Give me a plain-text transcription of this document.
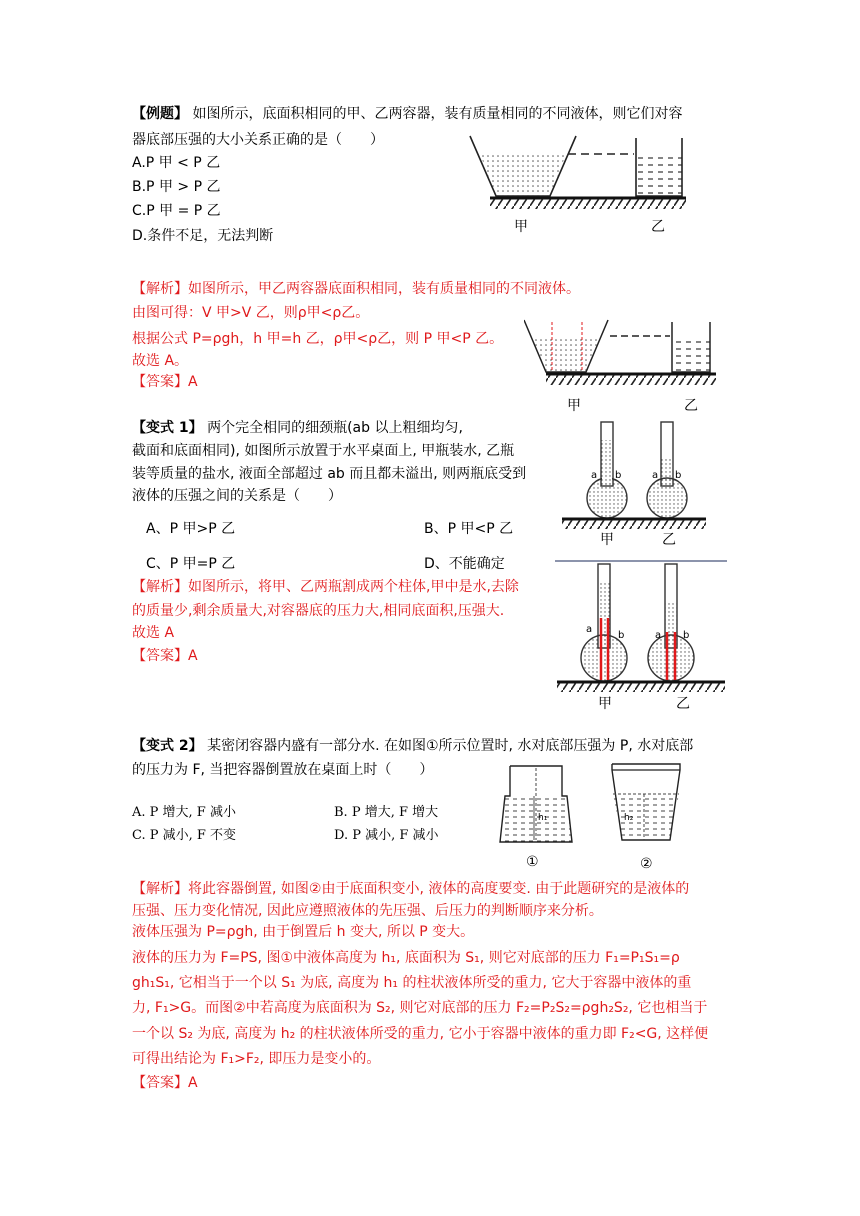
【例题】 如图所示，底面积相同的甲、乙两容器，装有质量相同的不同液体，则它们对容
器底部压强的大小关系正确的是（　　）
A.P 甲 < P 乙
B.P 甲 > P 乙
C.P 甲 = P 乙
D.条件不足，无法判断
甲	乙
【解析】如图所示，甲乙两容器底面积相同，装有质量相同的不同液体。
由图可得：V 甲>V 乙，则ρ甲<ρ乙。
根据公式 P=ρgh，h 甲=h 乙，ρ甲<ρ乙，则 P 甲<P 乙。
故选 A。
【答案】A
甲	乙
【变式 1】 两个完全相同的细颈瓶(ab 以上粗细均匀,
截面和底面相同), 如图所示放置于水平桌面上, 甲瓶装水, 乙瓶
装等质量的盐水, 液面全部超过 ab 而且都未溢出, 则两瓶底受到
液体的压强之间的关系是（　　）
A、P 甲>P 乙	B、P 甲<P 乙
C、P 甲=P 乙	D、不能确定
a b	a b
甲	乙
【解析】如图所示，将甲、乙两瓶割成两个柱体,甲中是水,去除
的质量少,剩余质量大,对容器底的压力大,相同底面积,压强大.
故选 A
【答案】A
a
b	a b
甲	乙
【变式 2】 某密闭容器内盛有一部分水. 在如图①所示位置时, 水对底部压强为 P, 水对底部
的压力为 F, 当把容器倒置放在桌面上时（　　）
A. P 增大, F 减小	B. P 增大, F 增大
C. P 减小, F 不变	D. P 减小, F 减小
h₁
①
h₂
②
【解析】将此容器倒置, 如图②由于底面积变小, 液体的高度要变. 由于此题研究的是液体的
压强、压力变化情况, 因此应遵照液体的先压强、后压力的判断顺序来分析。
液体压强为 P=ρgh, 由于倒置后 h 变大, 所以 P 变大。
液体的压力为 F=PS, 图①中液体高度为 h₁, 底面积为 S₁, 则它对底部的压力 F₁=P₁S₁=ρ
gh₁S₁, 它相当于一个以 S₁ 为底, 高度为 h₁ 的柱状液体所受的重力, 它大于容器中液体的重
力, F₁>G。而图②中若高度为底面积为 S₂, 则它对底部的压力 F₂=P₂S₂=ρgh₂S₂, 它也相当于
一个以 S₂ 为底, 高度为 h₂ 的柱状液体所受的重力, 它小于容器中液体的重力即 F₂<G, 这样便
可得出结论为 F₁>F₂, 即压力是变小的。
【答案】A
